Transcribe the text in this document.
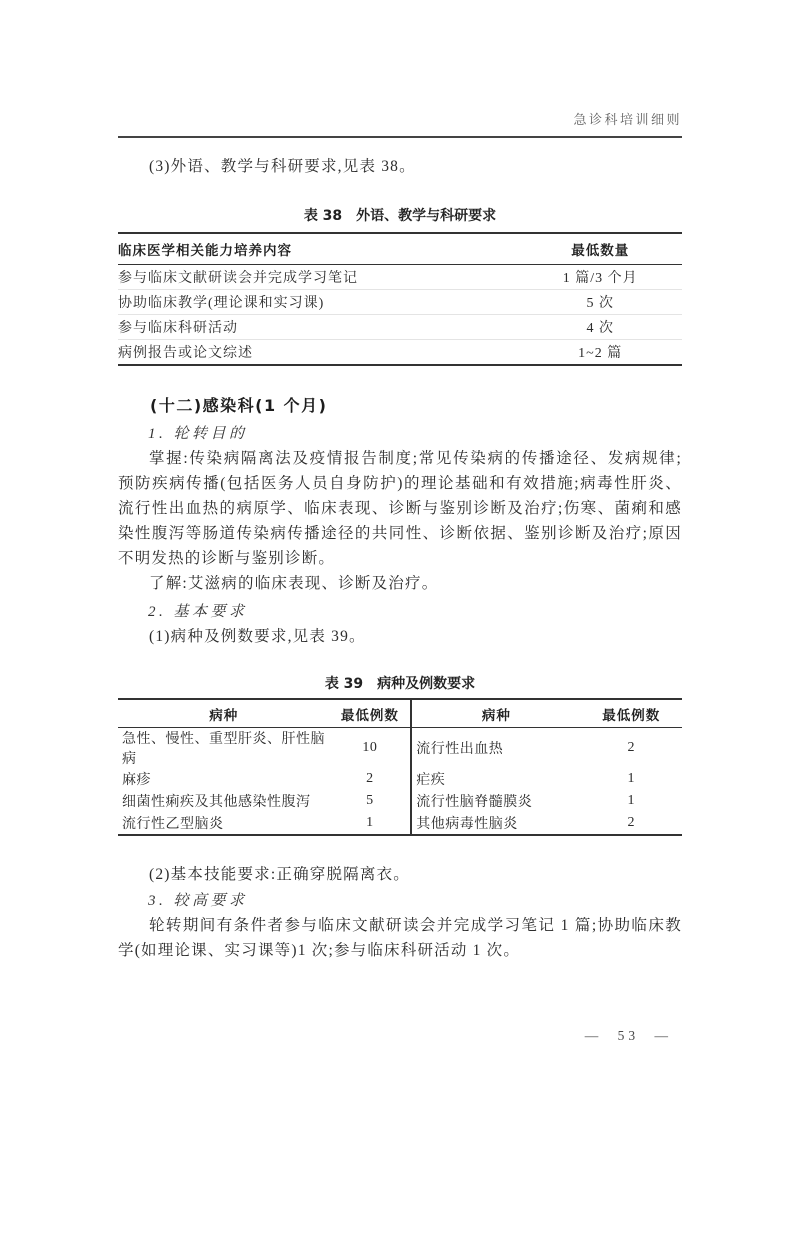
急诊科培训细则

(3)外语、教学与科研要求,见表 38。

表 38 外语、教学与科研要求
临床医学相关能力培养内容	最低数量
参与临床文献研读会并完成学习笔记	1 篇/3 个月
协助临床教学(理论课和实习课)	5 次
参与临床科研活动	4 次
病例报告或论文综述	1~2 篇
(十二)感染科(1 个月)

1. 轮转目的

掌握:传染病隔离法及疫情报告制度;常见传染病的传播途径、发病规律;预防疾病传播(包括医务人员自身防护)的理论基础和有效措施;病毒性肝炎、流行性出血热的病原学、临床表现、诊断与鉴别诊断及治疗;伤寒、菌痢和感染性腹泻等肠道传染病传播途径的共同性、诊断依据、鉴别诊断及治疗;原因不明发热的诊断与鉴别诊断。

了解:艾滋病的临床表现、诊断及治疗。

2. 基本要求

(1)病种及例数要求,见表 39。

表 39 病种及例数要求
病种	最低例数	病种	最低例数
急性、慢性、重型肝炎、肝性脑病	10	流行性出血热	2
麻疹	2	疟疾	1
细菌性痢疾及其他感染性腹泻	5	流行性脑脊髓膜炎	1
流行性乙型脑炎	1	其他病毒性脑炎	2

(2)基本技能要求:正确穿脱隔离衣。

3. 较高要求

轮转期间有条件者参与临床文献研读会并完成学习笔记 1 篇;协助临床教学(如理论课、实习课等)1 次;参与临床科研活动 1 次。

— 53 —
